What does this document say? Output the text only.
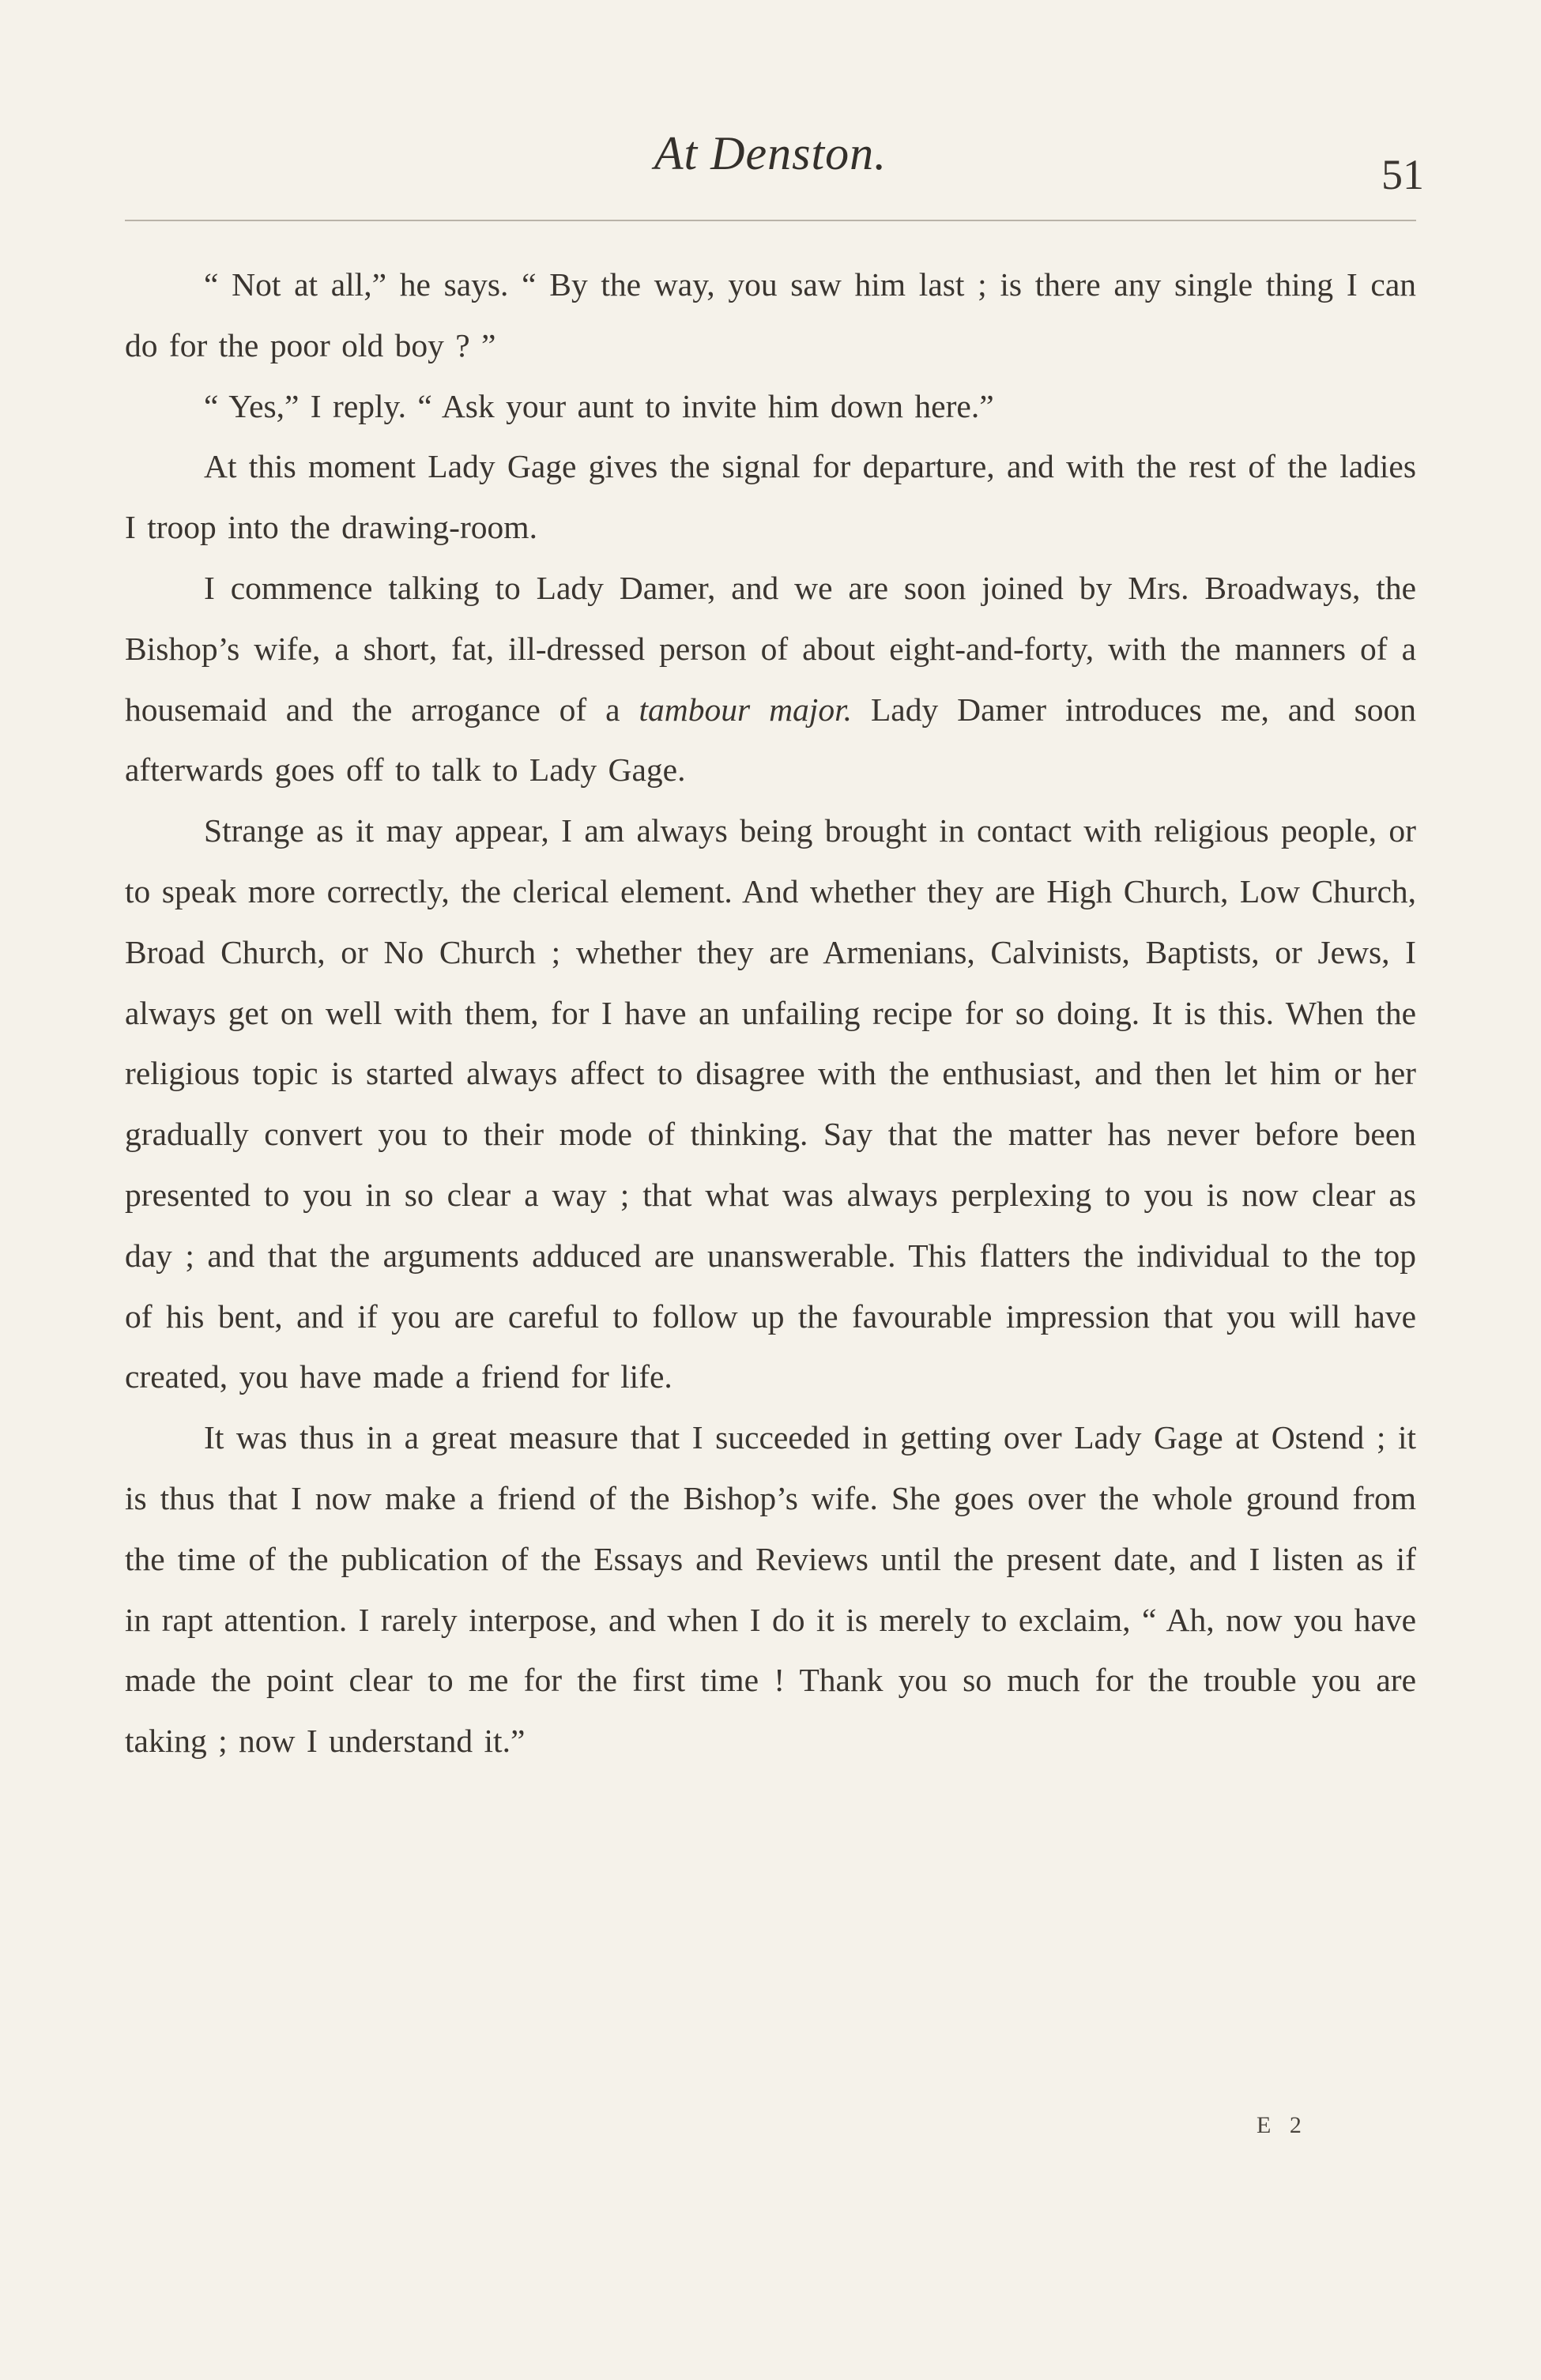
At Denston.	51

“ Not at all,” he says. “ By the way, you saw him last ; is there any single thing I can do for the poor old boy ? ”

“ Yes,” I reply. “ Ask your aunt to invite him down here.”

At this moment Lady Gage gives the signal for departure, and with the rest of the ladies I troop into the drawing-room.

I commence talking to Lady Damer, and we are soon joined by Mrs. Broadways, the Bishop’s wife, a short, fat, ill-dressed person of about eight-and-forty, with the manners of a housemaid and the arrogance of a tambour major. Lady Damer introduces me, and soon afterwards goes off to talk to Lady Gage.

Strange as it may appear, I am always being brought in contact with religious people, or to speak more correctly, the clerical element. And whether they are High Church, Low Church, Broad Church, or No Church ; whether they are Armenians, Calvinists, Baptists, or Jews, I always get on well with them, for I have an unfailing recipe for so doing. It is this. When the religious topic is started always affect to disagree with the enthusiast, and then let him or her gradually convert you to their mode of thinking. Say that the matter has never before been presented to you in so clear a way ; that what was always perplexing to you is now clear as day ; and that the arguments adduced are unanswerable. This flatters the individual to the top of his bent, and if you are careful to follow up the favourable impression that you will have created, you have made a friend for life.

It was thus in a great measure that I succeeded in getting over Lady Gage at Ostend ; it is thus that I now make a friend of the Bishop’s wife. She goes over the whole ground from the time of the publication of the Essays and Reviews until the present date, and I listen as if in rapt attention. I rarely interpose, and when I do it is merely to exclaim, “ Ah, now you have made the point clear to me for the first time ! Thank you so much for the trouble you are taking ; now I understand it.”

E 2
